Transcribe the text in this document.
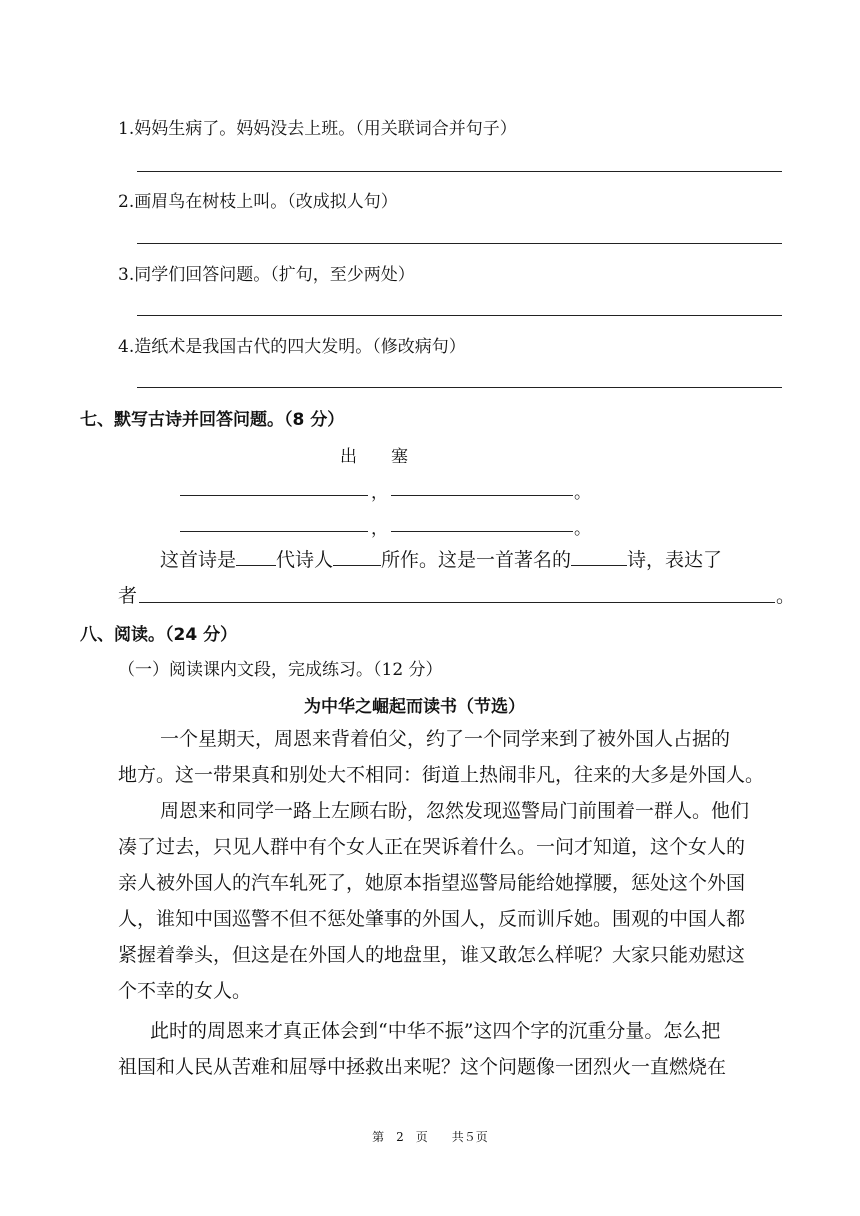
1.妈妈生病了。妈妈没去上班。（用关联词合并句子）
2.画眉鸟在树枝上叫。（改成拟人句）
3.同学们回答问题。（扩句，至少两处）
4.造纸术是我国古代的四大发明。（修改病句）
七、默写古诗并回答问题。（8 分）
出　　塞
，	。
，	。
这首诗是 代诗人	所作。这是一首著名的	诗，表达了
者	。
八、阅读。（24 分）
（一）阅读课内文段，完成练习。（12 分）
为中华之崛起而读书（节选）
一个星期天，周恩来背着伯父，约了一个同学来到了被外国人占据的
地方。这一带果真和别处大不相同：街道上热闹非凡，往来的大多是外国人。
周恩来和同学一路上左顾右盼，忽然发现巡警局门前围着一群人。他们
凑了过去，只见人群中有个女人正在哭诉着什么。一问才知道，这个女人的
亲人被外国人的汽车轧死了，她原本指望巡警局能给她撑腰，惩处这个外国
人，谁知中国巡警不但不惩处肇事的外国人，反而训斥她。围观的中国人都
紧握着拳头，但这是在外国人的地盘里，谁又敢怎么样呢？大家只能劝慰这
个不幸的女人。
此时的周恩来才真正体会到“中华不振”这四个字的沉重分量。怎么把
祖国和人民从苦难和屈辱中拯救出来呢？这个问题像一团烈火一直燃烧在
第　2　页　　共５页
